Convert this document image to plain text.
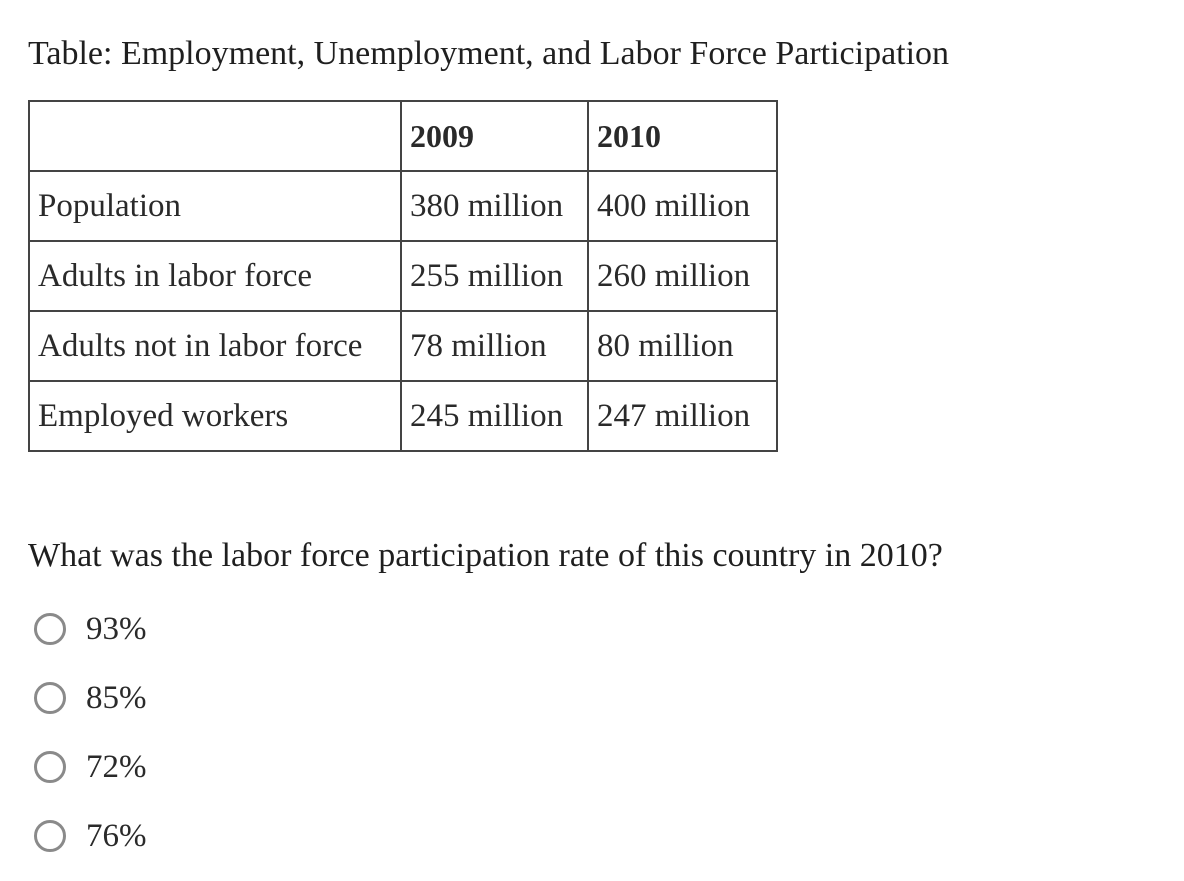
Table: Employment, Unemployment, and Labor Force Participation
	2009	2010
Population	380 million	400 million
Adults in labor force	255 million	260 million
Adults not in labor force	78 million	80 million
Employed workers	245 million	247 million
What was the labor force participation rate of this country in 2010?
93%
85%
72%
76%
